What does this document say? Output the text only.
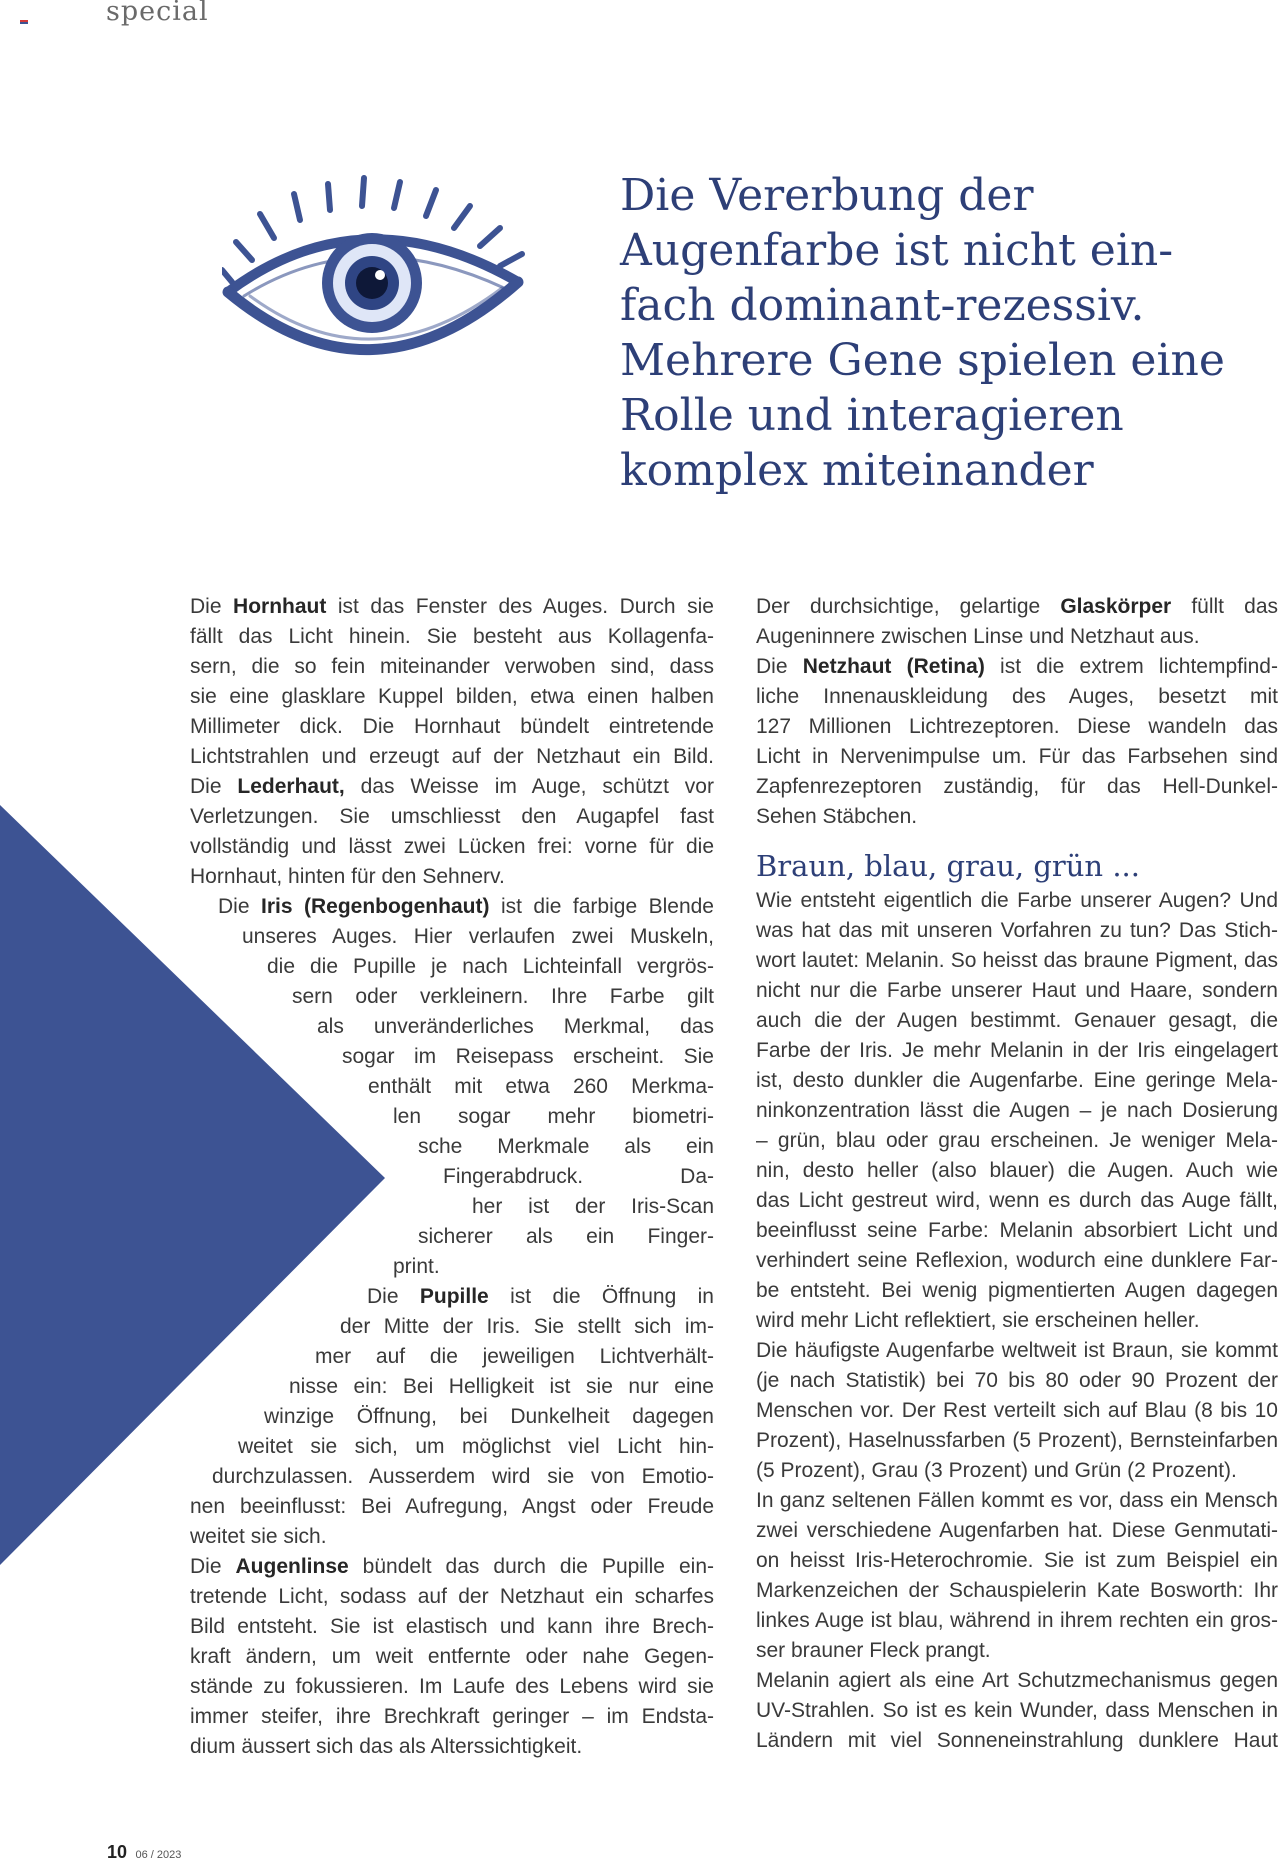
special

Die Vererbung der
Augenfarbe ist nicht ein-
fach dominant-rezessiv.
Mehrere Gene spielen eine
Rolle und interagieren
komplex miteinander
Die Hornhaut ist das Fenster des Auges. Durch sie
fällt das Licht hinein. Sie besteht aus Kollagenfa-
sern, die so fein miteinander verwoben sind, dass
sie eine glasklare Kuppel bilden, etwa einen halben
Millimeter dick. Die Hornhaut bündelt eintretende
Lichtstrahlen und erzeugt auf der Netzhaut ein Bild.
Die Lederhaut, das Weisse im Auge, schützt vor
Verletzungen. Sie umschliesst den Augapfel fast
vollständig und lässt zwei Lücken frei: vorne für die
Hornhaut, hinten für den Sehnerv.
Die Iris (Regenbogenhaut) ist die farbige Blende
unseres Auges. Hier verlaufen zwei Muskeln,
die die Pupille je nach Lichteinfall vergrös-
sern oder verkleinern. Ihre Farbe gilt
als unveränderliches Merkmal, das
sogar im Reisepass erscheint. Sie
enthält mit etwa 260 Merkma-
len sogar mehr biometri-
sche Merkmale als ein
Fingerabdruck. Da-
her ist der Iris-Scan
sicherer als ein Finger-
print.
Die Pupille ist die Öffnung in
der Mitte der Iris. Sie stellt sich im-
mer auf die jeweiligen Lichtverhält-
nisse ein: Bei Helligkeit ist sie nur eine
winzige Öffnung, bei Dunkelheit dagegen
weitet sie sich, um möglichst viel Licht hin-
durchzulassen. Ausserdem wird sie von Emotio-
nen beeinflusst: Bei Aufregung, Angst oder Freude
weitet sie sich.
Die Augenlinse bündelt das durch die Pupille ein-
tretende Licht, sodass auf der Netzhaut ein scharfes
Bild entsteht. Sie ist elastisch und kann ihre Brech-
kraft ändern, um weit entfernte oder nahe Gegen-
stände zu fokussieren. Im Laufe des Lebens wird sie
immer steifer, ihre Brechkraft geringer – im Endsta-
dium äussert sich das als Alterssichtigkeit.
Der durchsichtige, gelartige Glaskörper füllt das
Augeninnere zwischen Linse und Netzhaut aus.
Die Netzhaut (Retina) ist die extrem lichtempfind-
liche Innenauskleidung des Auges, besetzt mit
127 Millionen Lichtrezeptoren. Diese wandeln das
Licht in Nervenimpulse um. Für das Farbsehen sind
Zapfenrezeptoren zuständig, für das Hell-Dunkel-
Sehen Stäbchen.
Braun, blau, grau, grün ...
Wie entsteht eigentlich die Farbe unserer Augen? Und
was hat das mit unseren Vorfahren zu tun? Das Stich-
wort lautet: Melanin. So heisst das braune Pigment, das
nicht nur die Farbe unserer Haut und Haare, sondern
auch die der Augen bestimmt. Genauer gesagt, die
Farbe der Iris. Je mehr Melanin in der Iris eingelagert
ist, desto dunkler die Augenfarbe. Eine geringe Mela-
ninkonzentration lässt die Augen – je nach Dosierung
– grün, blau oder grau erscheinen. Je weniger Mela-
nin, desto heller (also blauer) die Augen. Auch wie
das Licht gestreut wird, wenn es durch das Auge fällt,
beeinflusst seine Farbe: Melanin absorbiert Licht und
verhindert seine Reflexion, wodurch eine dunklere Far-
be entsteht. Bei wenig pigmentierten Augen dagegen
wird mehr Licht reflektiert, sie erscheinen heller.
Die häufigste Augenfarbe weltweit ist Braun, sie kommt
(je nach Statistik) bei 70 bis 80 oder 90 Prozent der
Menschen vor. Der Rest verteilt sich auf Blau (8 bis 10
Prozent), Haselnussfarben (5 Prozent), Bernsteinfarben
(5 Prozent), Grau (3 Prozent) und Grün (2 Prozent).
In ganz seltenen Fällen kommt es vor, dass ein Mensch
zwei verschiedene Augenfarben hat. Diese Genmutati-
on heisst Iris-Heterochromie. Sie ist zum Beispiel ein
Markenzeichen der Schauspielerin Kate Bosworth: Ihr
linkes Auge ist blau, während in ihrem rechten ein gros-
ser brauner Fleck prangt.
Melanin agiert als eine Art Schutzmechanismus gegen
UV-Strahlen. So ist es kein Wunder, dass Menschen in
Ländern mit viel Sonneneinstrahlung dunklere Haut
10 06 / 2023
